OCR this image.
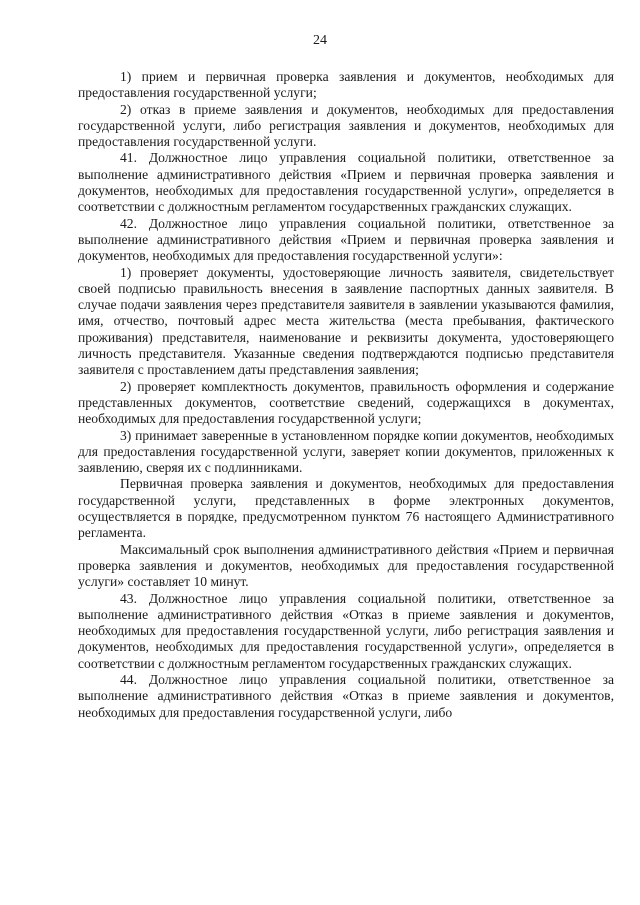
24

1) прием и первичная проверка заявления и документов, необходимых для предоставления государственной услуги;

2) отказ в приеме заявления и документов, необходимых для предоставления государственной услуги, либо регистрация заявления и документов, необходимых для предоставления государственной услуги.

41. Должностное лицо управления социальной политики, ответственное за выполнение административного действия «Прием и первичная проверка заявления и документов, необходимых для предоставления государственной услуги», определяется в соответствии с должностным регламентом государственных гражданских служащих.

42. Должностное лицо управления социальной политики, ответственное за выполнение административного действия «Прием и первичная проверка заявления и документов, необходимых для предоставления государственной услуги»:

1) проверяет документы, удостоверяющие личность заявителя, свидетельствует своей подписью правильность внесения в заявление паспортных данных заявителя. В случае подачи заявления через представителя заявителя в заявлении указываются фамилия, имя, отчество, почтовый адрес места жительства (места пребывания, фактического проживания) представителя, наименование и реквизиты документа, удостоверяющего личность представителя. Указанные сведения подтверждаются подписью представителя заявителя с проставлением даты представления заявления;

2) проверяет комплектность документов, правильность оформления и содержание представленных документов, соответствие сведений, содержащихся в документах, необходимых для предоставления государственной услуги;

3) принимает заверенные в установленном порядке копии документов, необходимых для предоставления государственной услуги, заверяет копии документов, приложенных к заявлению, сверяя их с подлинниками.

Первичная проверка заявления и документов, необходимых для предоставления государственной услуги, представленных в форме электронных документов, осуществляется в порядке, предусмотренном пунктом 76 настоящего Административного регламента.

Максимальный срок выполнения административного действия «Прием и первичная проверка заявления и документов, необходимых для предоставления государственной услуги» составляет 10 минут.

43. Должностное лицо управления социальной политики, ответственное за выполнение административного действия «Отказ в приеме заявления и документов, необходимых для предоставления государственной услуги, либо регистрация заявления и документов, необходимых для предоставления государственной услуги», определяется в соответствии с должностным регламентом государственных гражданских служащих.

44. Должностное лицо управления социальной политики, ответственное за выполнение административного действия «Отказ в приеме заявления и документов, необходимых для предоставления государственной услуги, либо
